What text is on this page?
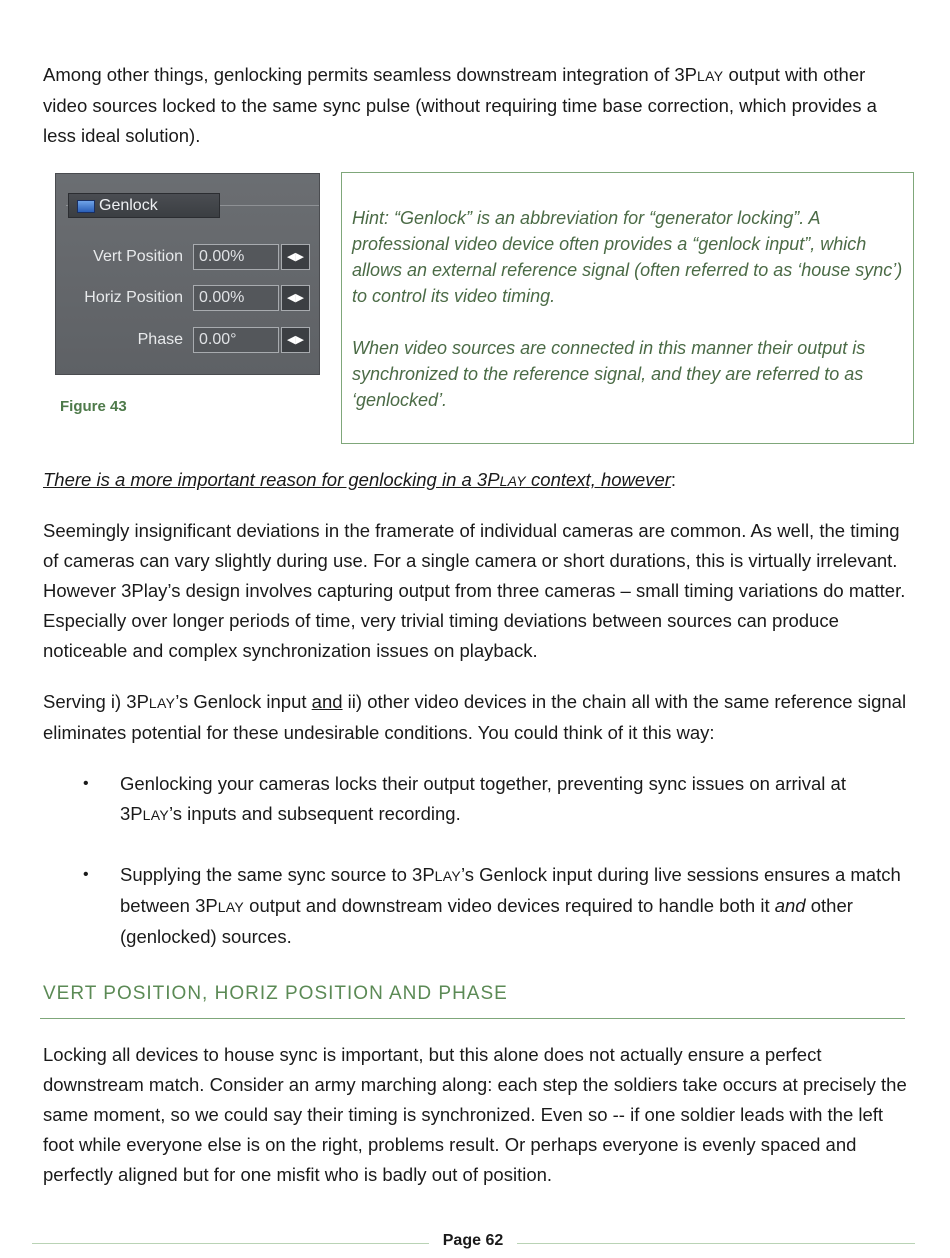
Among other things, genlocking permits seamless downstream integration of 3PLAY output with other video sources locked to the same sync pulse (without requiring time base correction, which provides a less ideal solution).

Genlock
Vert Position	0.00%	◀▶
Horiz Position	0.00%	◀▶
Phase	0.00°	◀▶
Figure 43

Hint: “Genlock” is an abbreviation for “generator locking”. A professional video device often provides a “genlock input”, which allows an external reference signal (often referred to as ‘house sync’) to control its video timing.

When video sources are connected in this manner their output is synchronized to the reference signal, and they are referred to as ‘genlocked’.

There is a more important reason for genlocking in a 3PLAY context, however:

Seemingly insignificant deviations in the framerate of individual cameras are common. As well, the timing of cameras can vary slightly during use. For a single camera or short durations, this is virtually irrelevant. However 3Play’s design involves capturing output from three cameras – small timing variations do matter. Especially over longer periods of time, very trivial timing deviations between sources can produce noticeable and complex synchronization issues on playback.

Serving i) 3PLAY’s Genlock input and ii) other video devices in the chain all with the same reference signal eliminates potential for these undesirable conditions. You could think of it this way:

• Genlocking your cameras locks their output together, preventing sync issues on arrival at 3PLAY’s inputs and subsequent recording.
• Supplying the same sync source to 3PLAY’s Genlock input during live sessions ensures a match between 3PLAY output and downstream video devices required to handle both it and other (genlocked) sources.
VERT POSITION, HORIZ POSITION AND PHASE

Locking all devices to house sync is important, but this alone does not actually ensure a perfect downstream match. Consider an army marching along: each step the soldiers take occurs at precisely the same moment, so we could say their timing is synchronized. Even so -- if one soldier leads with the left foot while everyone else is on the right, problems result. Or perhaps everyone is evenly spaced and perfectly aligned but for one misfit who is badly out of position.

Page 62
